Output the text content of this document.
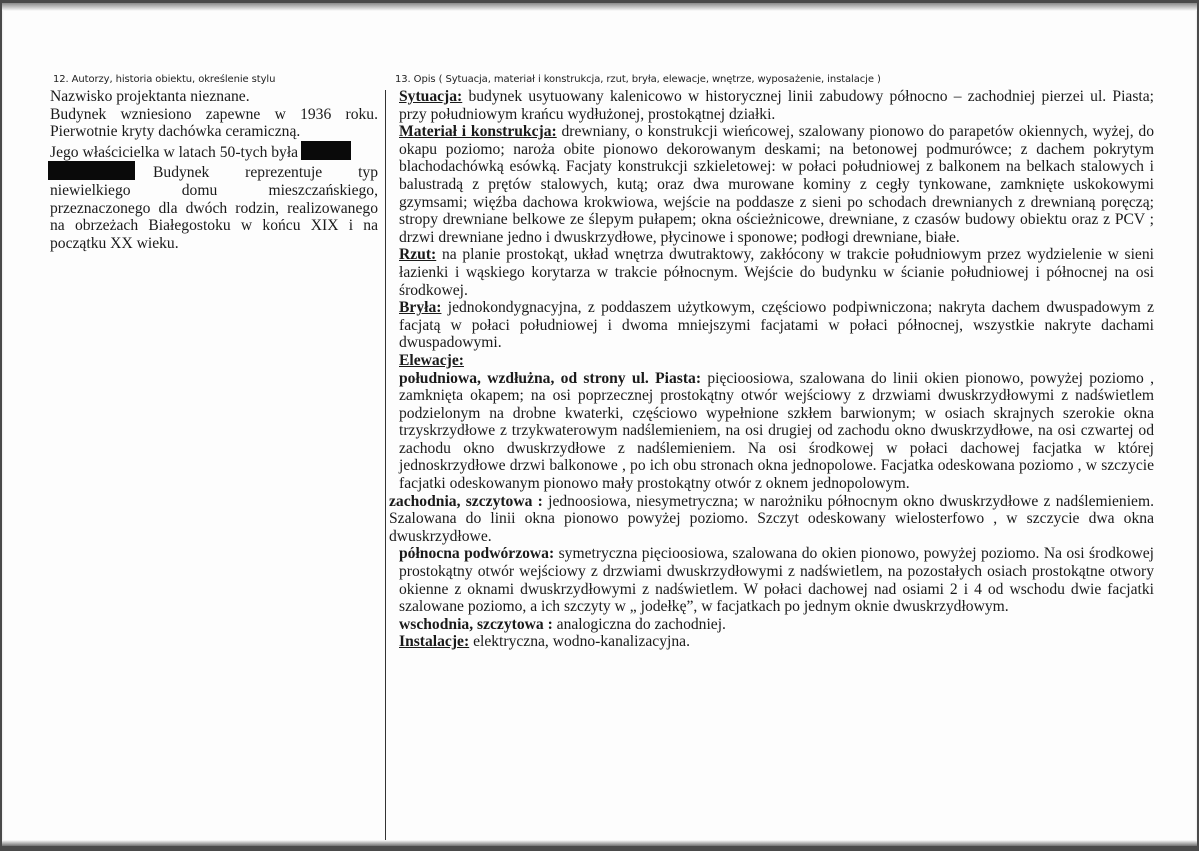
12. Autorzy, historia obiektu, określenie stylu	13. Opis ( Sytuacja, materiał i konstrukcja, rzut, bryła, elewacje, wnętrze, wyposażenie, instalacje )

Nazwisko projektanta nieznane.

Budynek wzniesiono zapewne w 1936 roku.

Pierwotnie kryty dachówka ceramiczną.

Jego właścicielka w latach 50-tych była

Budynek reprezentuje typ niewielkiego domu mieszczańskiego, przeznaczonego dla dwóch rodzin, realizowanego na obrzeżach Białegostoku w końcu XIX i na początku XX wieku.

Sytuacja: budynek usytuowany kalenicowo w historycznej linii zabudowy północno – zachodniej pierzei ul. Piasta; przy południowym krańcu wydłużonej, prostokątnej działki.

Materiał i konstrukcja: drewniany, o konstrukcji wieńcowej, szalowany pionowo do parapetów okiennych, wyżej, do okapu poziomo; naroża obite pionowo dekorowanym deskami; na betonowej podmurówce; z dachem pokrytym blachodachówką esówką. Facjaty konstrukcji szkieletowej: w połaci południowej z balkonem na belkach stalowych i balustradą z prętów stalowych, kutą; oraz dwa murowane kominy z cegły tynkowane, zamknięte uskokowymi gzymsami; więźba dachowa krokwiowa, wejście na poddasze z sieni po schodach drewnianych z drewnianą poręczą; stropy drewniane belkowe ze ślepym pułapem; okna ościeżnicowe, drewniane, z czasów budowy obiektu oraz z PCV ; drzwi drewniane jedno i dwuskrzydłowe, płycinowe i sponowe; podłogi drewniane, białe.

Rzut: na planie prostokąt, układ wnętrza dwutraktowy, zakłócony w trakcie południowym przez wydzielenie w sieni łazienki i wąskiego korytarza w trakcie północnym. Wejście do budynku w ścianie południowej i północnej na osi środkowej.

Bryła: jednokondygnacyjna, z poddaszem użytkowym, częściowo podpiwniczona; nakryta dachem dwuspadowym z facjatą w połaci południowej i dwoma mniejszymi facjatami w połaci północnej, wszystkie nakryte dachami dwuspadowymi.

Elewacje:

południowa, wzdłużna, od strony ul. Piasta: pięcioosiowa, szalowana do linii okien pionowo, powyżej poziomo , zamknięta okapem; na osi poprzecznej prostokątny otwór wejściowy z drzwiami dwuskrzydłowymi z nadświetlem podzielonym na drobne kwaterki, częściowo wypełnione szkłem barwionym; w osiach skrajnych szerokie okna trzyskrzydłowe z trzykwaterowym nadślemieniem, na osi drugiej od zachodu okno dwuskrzydłowe, na osi czwartej od zachodu okno dwuskrzydłowe z nadślemieniem. Na osi środkowej w połaci dachowej facjatka w której jednoskrzydłowe drzwi balkonowe , po ich obu stronach okna jednopolowe. Facjatka odeskowana poziomo , w szczycie facjatki odeskowanym pionowo mały prostokątny otwór z oknem jednopolowym.

zachodnia, szczytowa : jednoosiowa, niesymetryczna; w narożniku północnym okno dwuskrzydłowe z nadślemieniem. Szalowana do linii okna pionowo powyżej poziomo. Szczyt odeskowany wielosterfowo , w szczycie dwa okna dwuskrzydłowe.

północna podwórzowa: symetryczna pięcioosiowa, szalowana do okien pionowo, powyżej poziomo. Na osi środkowej prostokątny otwór wejściowy z drzwiami dwuskrzydłowymi z nadświetlem, na pozostałych osiach prostokątne otwory okienne z oknami dwuskrzydłowymi z nadświetlem. W połaci dachowej nad osiami 2 i 4 od wschodu dwie facjatki szalowane poziomo, a ich szczyty w „ jodełkę”, w facjatkach po jednym oknie dwuskrzydłowym.

wschodnia, szczytowa : analogiczna do zachodniej.

Instalacje: elektryczna, wodno-kanalizacyjna.
